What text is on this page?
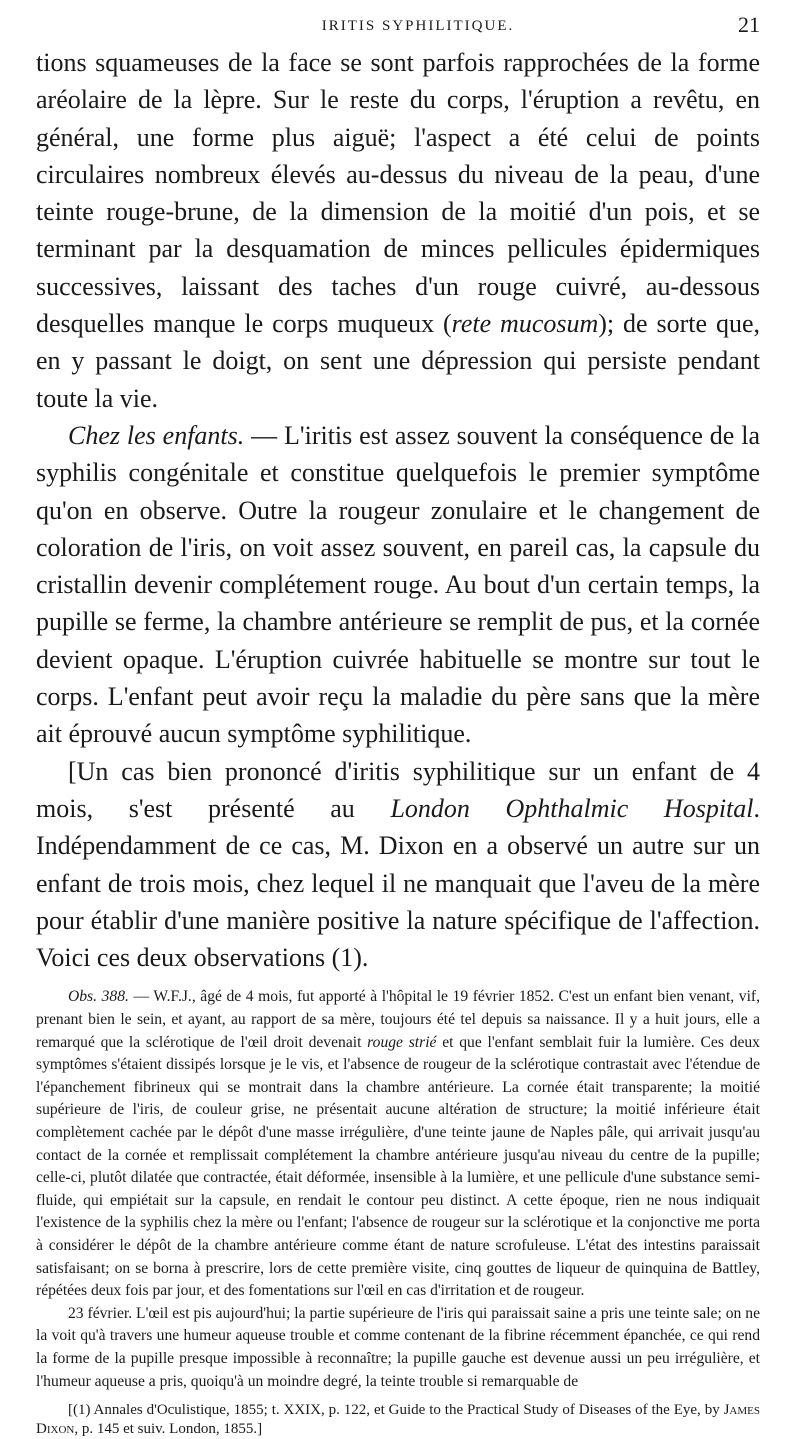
IRITIS SYPHILITIQUE.	21

tions squameuses de la face se sont parfois rapprochées de la forme aréolaire de la lèpre. Sur le reste du corps, l'éruption a revêtu, en général, une forme plus aiguë; l'aspect a été celui de points circulaires nombreux élevés au-dessus du niveau de la peau, d'une teinte rouge-brune, de la dimension de la moitié d'un pois, et se terminant par la desquamation de minces pellicules épidermiques successives, laissant des taches d'un rouge cuivré, au-dessous desquelles manque le corps muqueux (rete mucosum); de sorte que, en y passant le doigt, on sent une dépression qui persiste pendant toute la vie.

Chez les enfants. — L'iritis est assez souvent la conséquence de la syphilis congénitale et constitue quelquefois le premier symptôme qu'on en observe. Outre la rougeur zonulaire et le changement de coloration de l'iris, on voit assez souvent, en pareil cas, la capsule du cristallin devenir complétement rouge. Au bout d'un certain temps, la pupille se ferme, la chambre antérieure se remplit de pus, et la cornée devient opaque. L'éruption cuivrée habituelle se montre sur tout le corps. L'enfant peut avoir reçu la maladie du père sans que la mère ait éprouvé aucun symptôme syphilitique.

[Un cas bien prononcé d'iritis syphilitique sur un enfant de 4 mois, s'est présenté au London Ophthalmic Hospital. Indépendamment de ce cas, M. Dixon en a observé un autre sur un enfant de trois mois, chez lequel il ne manquait que l'aveu de la mère pour établir d'une manière positive la nature spécifique de l'affection. Voici ces deux observations (1).

Obs. 388. — W.F.J., âgé de 4 mois, fut apporté à l'hôpital le 19 février 1852. C'est un enfant bien venant, vif, prenant bien le sein, et ayant, au rapport de sa mère, toujours été tel depuis sa naissance. Il y a huit jours, elle a remarqué que la sclérotique de l'œil droit devenait rouge strié et que l'enfant semblait fuir la lumière. Ces deux symptômes s'étaient dissipés lorsque je le vis, et l'absence de rougeur de la sclérotique contrastait avec l'étendue de l'épanchement fibrineux qui se montrait dans la chambre antérieure. La cornée était transparente; la moitié supérieure de l'iris, de couleur grise, ne présentait aucune altération de structure; la moitié inférieure était complètement cachée par le dépôt d'une masse irrégulière, d'une teinte jaune de Naples pâle, qui arrivait jusqu'au contact de la cornée et remplissait complétement la chambre antérieure jusqu'au niveau du centre de la pupille; celle-ci, plutôt dilatée que contractée, était déformée, insensible à la lumière, et une pellicule d'une substance semi-fluide, qui empiétait sur la capsule, en rendait le contour peu distinct. A cette époque, rien ne nous indiquait l'existence de la syphilis chez la mère ou l'enfant; l'absence de rougeur sur la sclérotique et la conjonctive me porta à considérer le dépôt de la chambre antérieure comme étant de nature scrofuleuse. L'état des intestins paraissait satisfaisant; on se borna à prescrire, lors de cette première visite, cinq gouttes de liqueur de quinquina de Battley, répétées deux fois par jour, et des fomentations sur l'œil en cas d'irritation et de rougeur.

23 février. L'œil est pis aujourd'hui; la partie supérieure de l'iris qui paraissait saine a pris une teinte sale; on ne la voit qu'à travers une humeur aqueuse trouble et comme contenant de la fibrine récemment épanchée, ce qui rend la forme de la pupille presque impossible à reconnaître; la pupille gauche est devenue aussi un peu irrégulière, et l'humeur aqueuse a pris, quoiqu'à un moindre degré, la teinte trouble si remarquable de

[(1) Annales d'Oculistique, 1855; t. XXIX, p. 122, et Guide to the Practical Study of Diseases of the Eye, by James Dixon, p. 145 et suiv. London, 1855.]
